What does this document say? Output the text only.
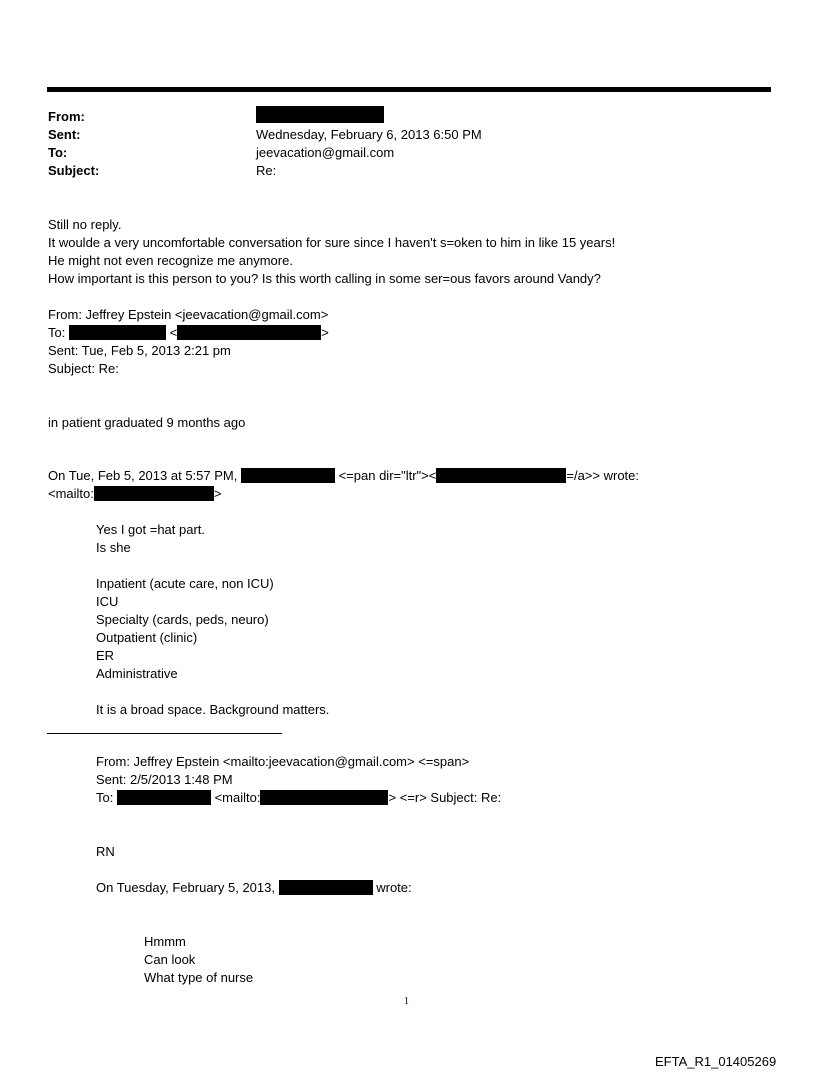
From:
Sent:	Wednesday, February 6, 2013 6:50 PM
To:	jeevacation@gmail.com
Subject:	Re:
Still no reply.
It woulde a very uncomfortable conversation for sure since I haven't s=oken to him in like 15 years!
He might not even recognize me anymore.
How important is this person to you? Is this worth calling in some ser=ous favors around Vandy?
From: Jeffrey Epstein <jeevacation@gmail.com>
To:	<	>
Sent: Tue, Feb 5, 2013 2:21 pm
Subject: Re:
in patient graduated 9 months ago
On Tue, Feb 5, 2013 at 5:57 PM,	<=pan dir="ltr"><	=/a>> wrote:
<mailto:	>
Yes I got =hat part.
Is she
Inpatient (acute care, non ICU)
ICU
Specialty (cards, peds, neuro)
Outpatient (clinic)
ER
Administrative
It is a broad space. Background matters.
From: Jeffrey Epstein <mailto:jeevacation@gmail.com> <=span>
Sent: 2/5/2013 1:48 PM
To:	<mailto:	> <=r> Subject: Re:
RN
On Tuesday, February 5, 2013,	wrote:
Hmmm
Can look
What type of nurse
1
EFTA_R1_01405269
